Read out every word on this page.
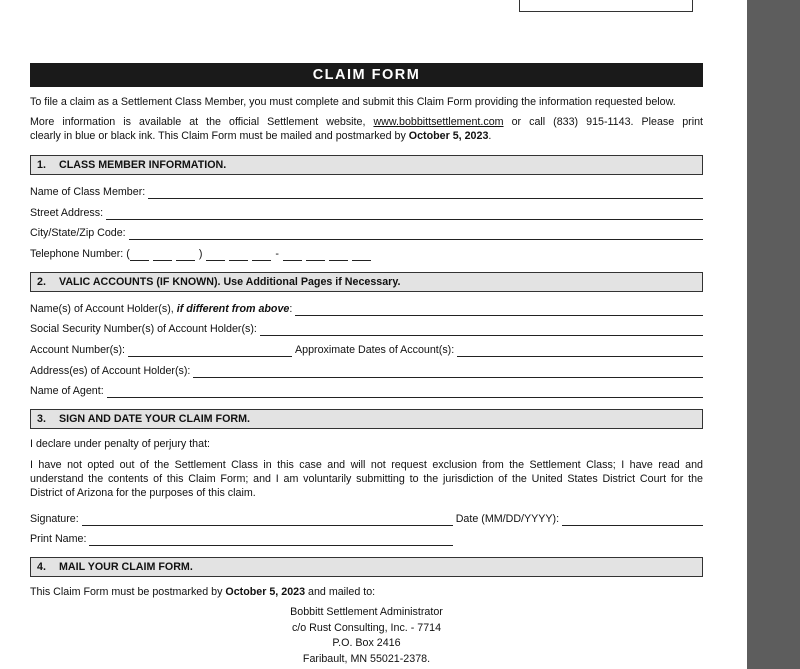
CLAIM FORM
To file a claim as a Settlement Class Member, you must complete and submit this Claim Form providing the information requested below.
More information is available at the official Settlement website, www.bobbittsettlement.com or call (833) 915-1143. Please print
clearly in blue or black ink. This Claim Form must be mailed and postmarked by October 5, 2023.
1. CLASS MEMBER INFORMATION.
Name of Class Member:
Street Address:
City/State/Zip Code:
Telephone Number:
(	)	-
2. VALIC ACCOUNTS (IF KNOWN). Use Additional Pages if Necessary.
Name(s) of Account Holder(s),
if different from above :
Social Security Number(s) of Account Holder(s):
Account Number(s):
	Approximate Dates of Account(s):
Address(es) of Account Holder(s):
Name of Agent:
3. SIGN AND DATE YOUR CLAIM FORM.
I declare under penalty of perjury that:
I have not opted out of the Settlement Class in this case and will not request exclusion from the Settlement Class; I have read and
understand the contents of this Claim Form; and I am voluntarily submitting to the jurisdiction of the United States District Court for the
District of Arizona for the purposes of this claim.
Signature:
	Date (MM/DD/YYYY):
Print Name:
4. MAIL YOUR CLAIM FORM.
This Claim Form must be postmarked by October 5, 2023 and mailed to:
Bobbitt Settlement Administrator
c/o Rust Consulting, Inc. - 7714
P.O. Box 2416
Faribault, MN 55021-2378.
